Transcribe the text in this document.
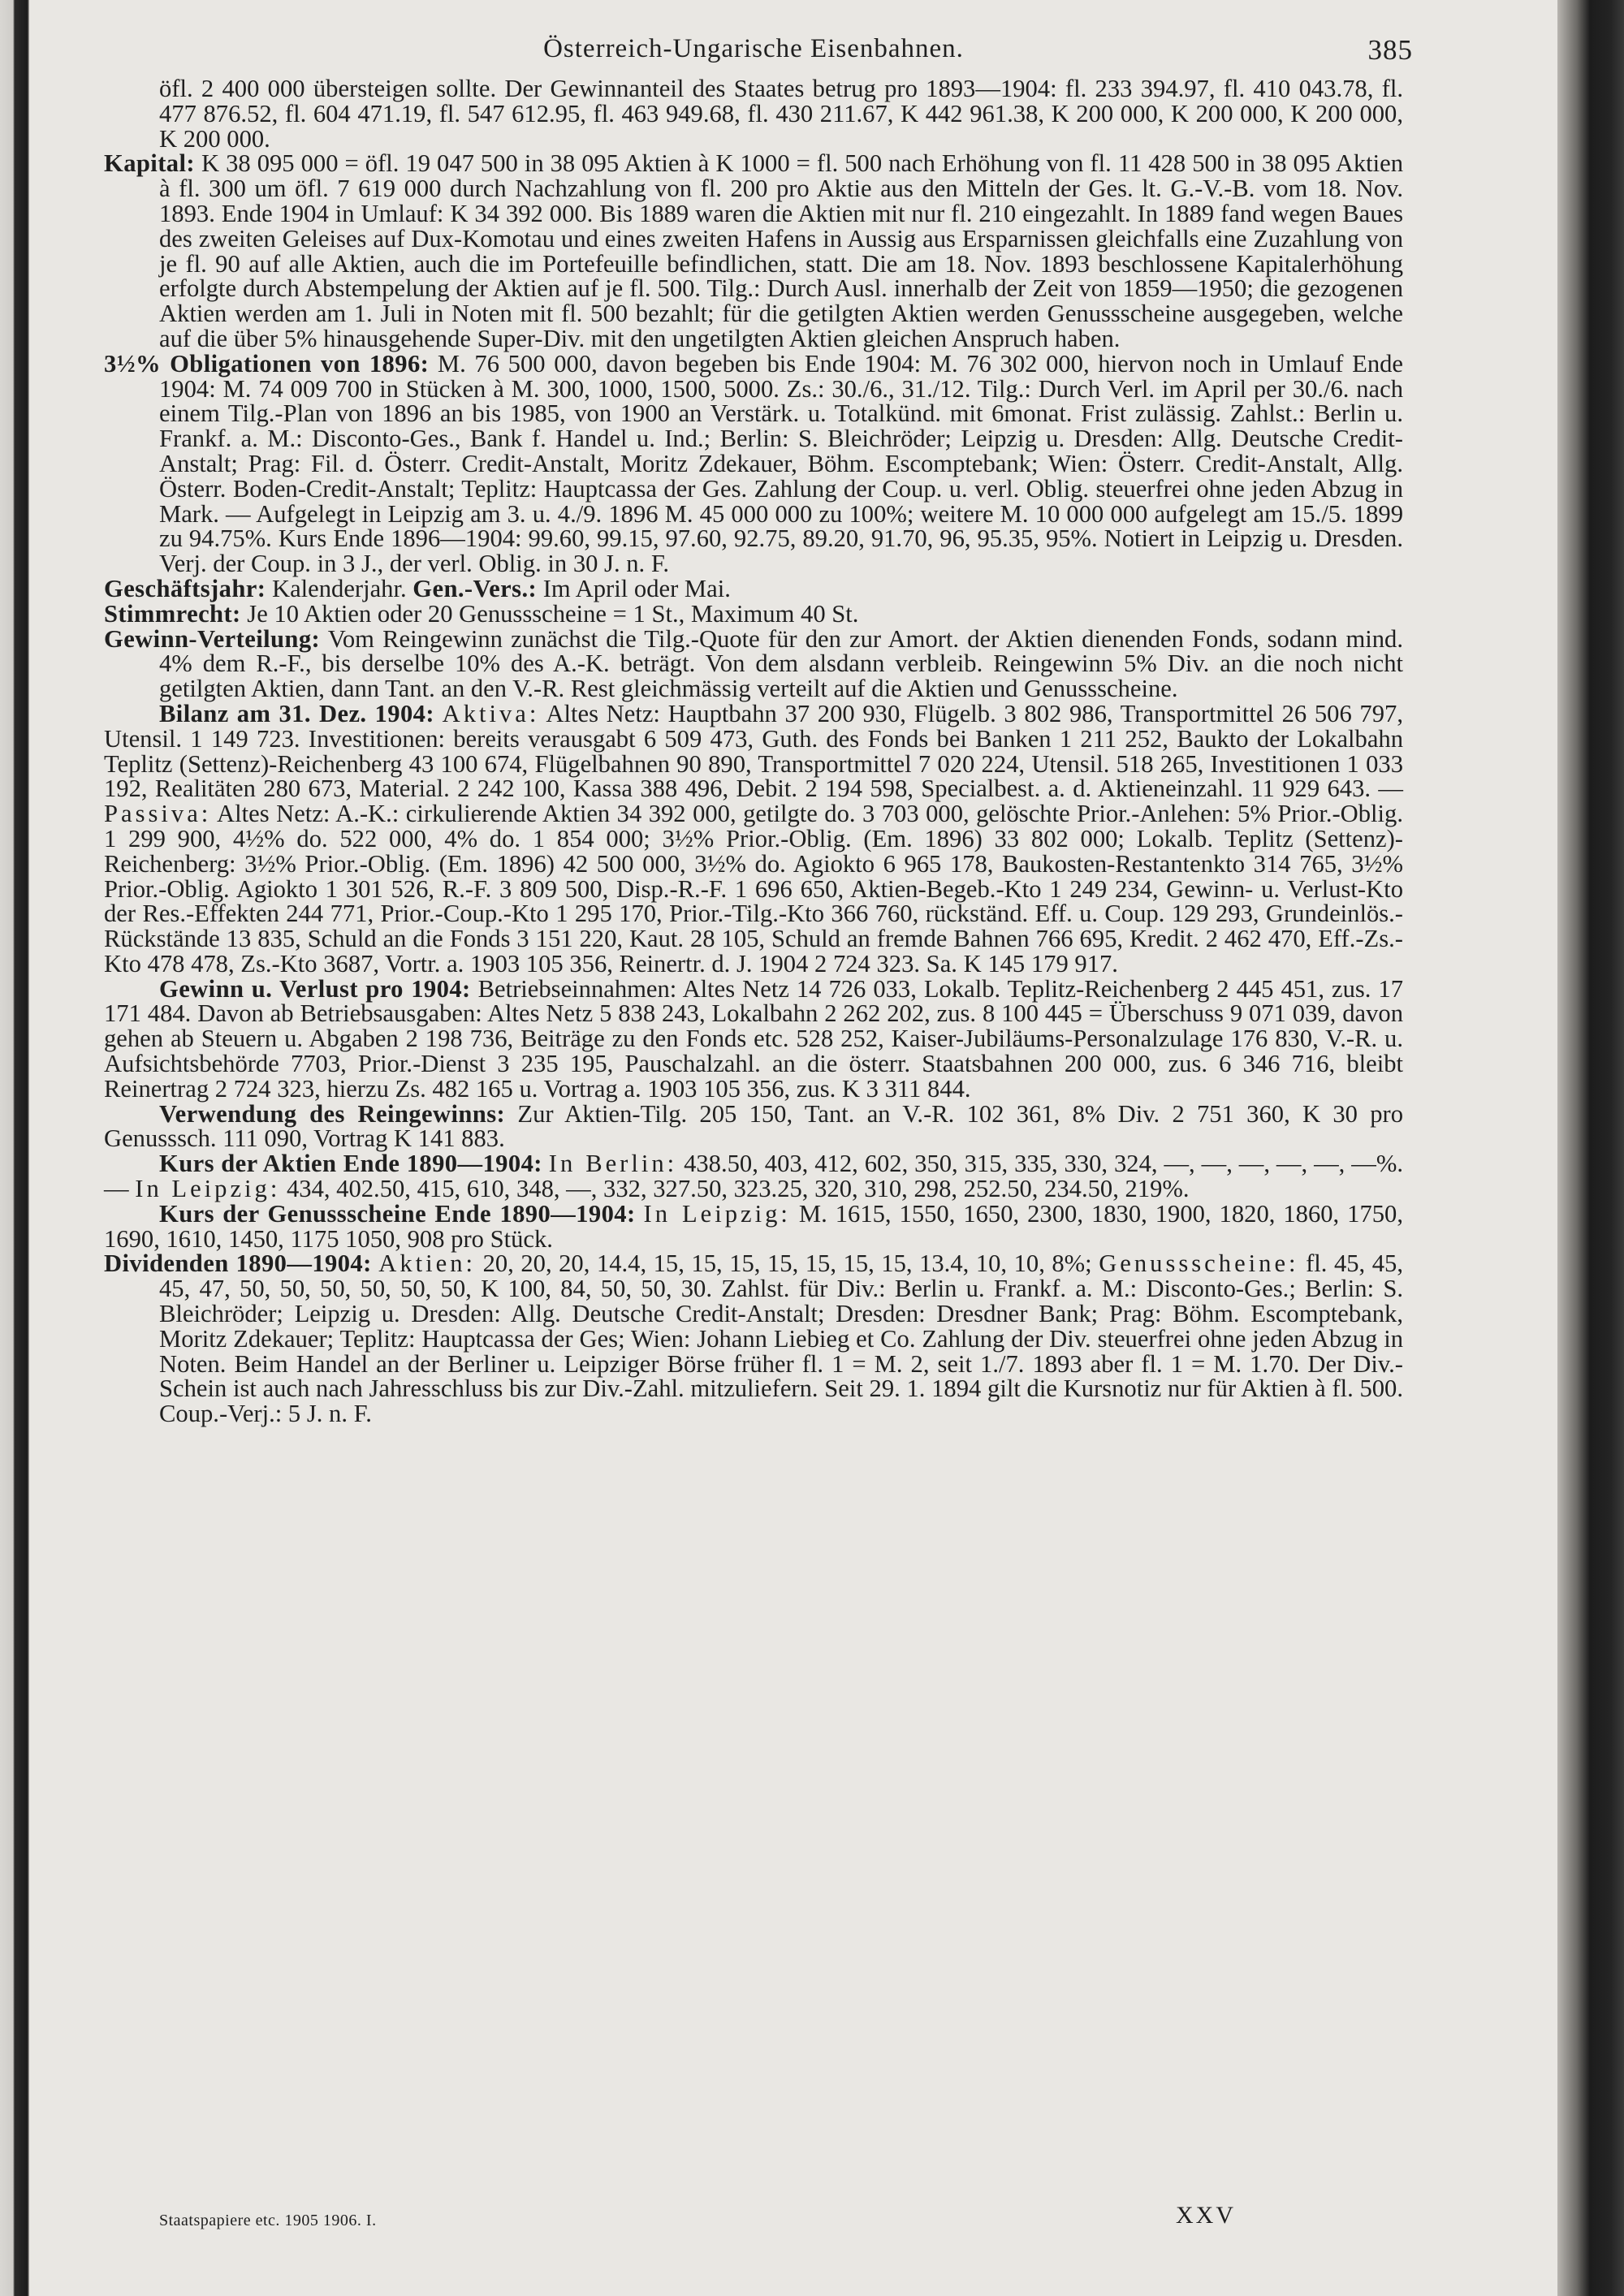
Österreich-Ungarische Eisenbahnen.	385

öfl. 2 400 000 übersteigen sollte. Der Gewinnanteil des Staates betrug pro 1893—1904: fl. 233 394.97, fl. 410 043.78, fl. 477 876.52, fl. 604 471.19, fl. 547 612.95, fl. 463 949.68, fl. 430 211.67, K 442 961.38, K 200 000, K 200 000, K 200 000, K 200 000.

Kapital: K 38 095 000 = öfl. 19 047 500 in 38 095 Aktien à K 1000 = fl. 500 nach Erhöhung von fl. 11 428 500 in 38 095 Aktien à fl. 300 um öfl. 7 619 000 durch Nachzahlung von fl. 200 pro Aktie aus den Mitteln der Ges. lt. G.-V.-B. vom 18. Nov. 1893. Ende 1904 in Umlauf: K 34 392 000. Bis 1889 waren die Aktien mit nur fl. 210 eingezahlt. In 1889 fand wegen Baues des zweiten Geleises auf Dux-Komotau und eines zweiten Hafens in Aussig aus Ersparnissen gleichfalls eine Zuzahlung von je fl. 90 auf alle Aktien, auch die im Portefeuille befindlichen, statt. Die am 18. Nov. 1893 beschlossene Kapitalerhöhung erfolgte durch Abstempelung der Aktien auf je fl. 500. Tilg.: Durch Ausl. innerhalb der Zeit von 1859—1950; die gezogenen Aktien werden am 1. Juli in Noten mit fl. 500 bezahlt; für die getilgten Aktien werden Genussscheine ausgegeben, welche auf die über 5% hinausgehende Super-Div. mit den ungetilgten Aktien gleichen Anspruch haben.

3½% Obligationen von 1896: M. 76 500 000, davon begeben bis Ende 1904: M. 76 302 000, hiervon noch in Umlauf Ende 1904: M. 74 009 700 in Stücken à M. 300, 1000, 1500, 5000. Zs.: 30./6., 31./12. Tilg.: Durch Verl. im April per 30./6. nach einem Tilg.-Plan von 1896 an bis 1985, von 1900 an Verstärk. u. Totalkünd. mit 6monat. Frist zulässig. Zahlst.: Berlin u. Frankf. a. M.: Disconto-Ges., Bank f. Handel u. Ind.; Berlin: S. Bleichröder; Leipzig u. Dresden: Allg. Deutsche Credit-Anstalt; Prag: Fil. d. Österr. Credit-Anstalt, Moritz Zdekauer, Böhm. Escomptebank; Wien: Österr. Credit-Anstalt, Allg. Österr. Boden-Credit-Anstalt; Teplitz: Hauptcassa der Ges. Zahlung der Coup. u. verl. Oblig. steuerfrei ohne jeden Abzug in Mark. — Aufgelegt in Leipzig am 3. u. 4./9. 1896 M. 45 000 000 zu 100%; weitere M. 10 000 000 aufgelegt am 15./5. 1899 zu 94.75%. Kurs Ende 1896—1904: 99.60, 99.15, 97.60, 92.75, 89.20, 91.70, 96, 95.35, 95%. Notiert in Leipzig u. Dresden. Verj. der Coup. in 3 J., der verl. Oblig. in 30 J. n. F.

Geschäftsjahr: Kalenderjahr. Gen.-Vers.: Im April oder Mai.

Stimmrecht: Je 10 Aktien oder 20 Genussscheine = 1 St., Maximum 40 St.

Gewinn-Verteilung: Vom Reingewinn zunächst die Tilg.-Quote für den zur Amort. der Aktien dienenden Fonds, sodann mind. 4% dem R.-F., bis derselbe 10% des A.-K. beträgt. Von dem alsdann verbleib. Reingewinn 5% Div. an die noch nicht getilgten Aktien, dann Tant. an den V.-R. Rest gleichmässig verteilt auf die Aktien und Genussscheine.

Bilanz am 31. Dez. 1904: Aktiva: Altes Netz: Hauptbahn 37 200 930, Flügelb. 3 802 986, Transportmittel 26 506 797, Utensil. 1 149 723. Investitionen: bereits verausgabt 6 509 473, Guth. des Fonds bei Banken 1 211 252, Baukto der Lokalbahn Teplitz (Settenz)-Reichenberg 43 100 674, Flügelbahnen 90 890, Transportmittel 7 020 224, Utensil. 518 265, Investitionen 1 033 192, Realitäten 280 673, Material. 2 242 100, Kassa 388 496, Debit. 2 194 598, Specialbest. a. d. Aktieneinzahl. 11 929 643. — Passiva: Altes Netz: A.-K.: cirkulierende Aktien 34 392 000, getilgte do. 3 703 000, gelöschte Prior.-Anlehen: 5% Prior.-Oblig. 1 299 900, 4½% do. 522 000, 4% do. 1 854 000; 3½% Prior.-Oblig. (Em. 1896) 33 802 000; Lokalb. Teplitz (Settenz)-Reichenberg: 3½% Prior.-Oblig. (Em. 1896) 42 500 000, 3½% do. Agiokto 6 965 178, Baukosten-Restantenkto 314 765, 3½% Prior.-Oblig. Agiokto 1 301 526, R.-F. 3 809 500, Disp.-R.-F. 1 696 650, Aktien-Begeb.-Kto 1 249 234, Gewinn- u. Verlust-Kto der Res.-Effekten 244 771, Prior.-Coup.-Kto 1 295 170, Prior.-Tilg.-Kto 366 760, rückständ. Eff. u. Coup. 129 293, Grundeinlös.-Rückstände 13 835, Schuld an die Fonds 3 151 220, Kaut. 28 105, Schuld an fremde Bahnen 766 695, Kredit. 2 462 470, Eff.-Zs.-Kto 478 478, Zs.-Kto 3687, Vortr. a. 1903 105 356, Reinertr. d. J. 1904 2 724 323. Sa. K 145 179 917.

Gewinn u. Verlust pro 1904: Betriebseinnahmen: Altes Netz 14 726 033, Lokalb. Teplitz-Reichenberg 2 445 451, zus. 17 171 484. Davon ab Betriebsausgaben: Altes Netz 5 838 243, Lokalbahn 2 262 202, zus. 8 100 445 = Überschuss 9 071 039, davon gehen ab Steuern u. Abgaben 2 198 736, Beiträge zu den Fonds etc. 528 252, Kaiser-Jubiläums-Personalzulage 176 830, V.-R. u. Aufsichtsbehörde 7703, Prior.-Dienst 3 235 195, Pauschalzahl. an die österr. Staatsbahnen 200 000, zus. 6 346 716, bleibt Reinertrag 2 724 323, hierzu Zs. 482 165 u. Vortrag a. 1903 105 356, zus. K 3 311 844.

Verwendung des Reingewinns: Zur Aktien-Tilg. 205 150, Tant. an V.-R. 102 361, 8% Div. 2 751 360, K 30 pro Genusssch. 111 090, Vortrag K 141 883.

Kurs der Aktien Ende 1890—1904: In Berlin: 438.50, 403, 412, 602, 350, 315, 335, 330, 324, —, —, —, —, —, —%. — In Leipzig: 434, 402.50, 415, 610, 348, —, 332, 327.50, 323.25, 320, 310, 298, 252.50, 234.50, 219%.

Kurs der Genussscheine Ende 1890—1904: In Leipzig: M. 1615, 1550, 1650, 2300, 1830, 1900, 1820, 1860, 1750, 1690, 1610, 1450, 1175 1050, 908 pro Stück.

Dividenden 1890—1904: Aktien: 20, 20, 20, 14.4, 15, 15, 15, 15, 15, 15, 15, 13.4, 10, 10, 8%; Genussscheine: fl. 45, 45, 45, 47, 50, 50, 50, 50, 50, 50, K 100, 84, 50, 50, 30. Zahlst. für Div.: Berlin u. Frankf. a. M.: Disconto-Ges.; Berlin: S. Bleichröder; Leipzig u. Dresden: Allg. Deutsche Credit-Anstalt; Dresden: Dresdner Bank; Prag: Böhm. Escomptebank, Moritz Zdekauer; Teplitz: Hauptcassa der Ges; Wien: Johann Liebieg et Co. Zahlung der Div. steuerfrei ohne jeden Abzug in Noten. Beim Handel an der Berliner u. Leipziger Börse früher fl. 1 = M. 2, seit 1./7. 1893 aber fl. 1 = M. 1.70. Der Div.-Schein ist auch nach Jahresschluss bis zur Div.-Zahl. mitzuliefern. Seit 29. 1. 1894 gilt die Kursnotiz nur für Aktien à fl. 500. Coup.-Verj.: 5 J. n. F.

Staatspapiere etc. 1905 1906. I.	XXV
